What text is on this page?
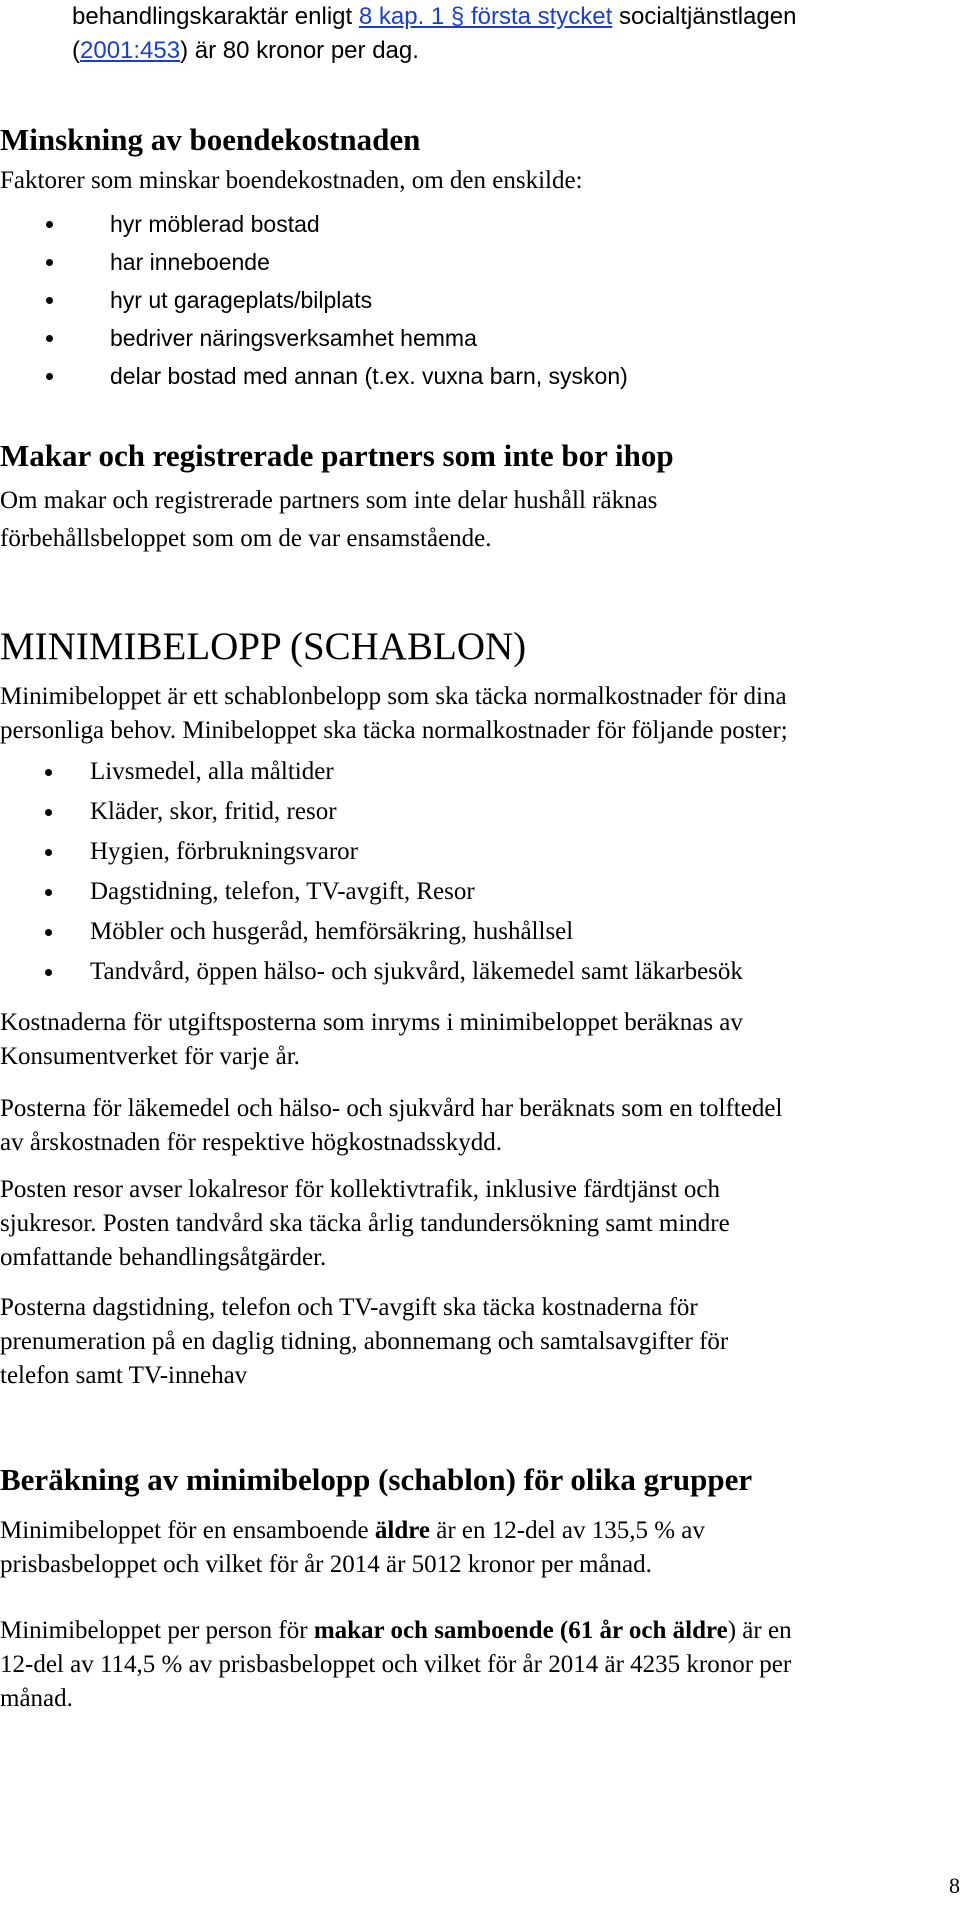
behandlingskaraktär enligt 8 kap. 1 § första stycket socialtjänstlagen

(2001:453) är 80 kronor per dag.

Minskning av boendekostnaden

Faktorer som minskar boendekostnaden, om den enskilde:

hyr möblerad bostad
har inneboende
hyr ut garageplats/bilplats
bedriver näringsverksamhet hemma
delar bostad med annan (t.ex. vuxna barn, syskon)
Makar och registrerade partners som inte bor ihop

Om makar och registrerade partners som inte delar hushåll räknas

förbehållsbeloppet som om de var ensamstående.

MINIMIBELOPP (SCHABLON)

Minimibeloppet är ett schablonbelopp som ska täcka normalkostnader för dina

personliga behov. Minibeloppet ska täcka normalkostnader för följande poster;

Livsmedel, alla måltider
Kläder, skor, fritid, resor
Hygien, förbrukningsvaror
Dagstidning, telefon, TV-avgift, Resor
Möbler och husgeråd, hemförsäkring, hushållsel
Tandvård, öppen hälso- och sjukvård, läkemedel samt läkarbesök

Kostnaderna för utgiftsposterna som inryms i minimibeloppet beräknas av

Konsumentverket för varje år.

Posterna för läkemedel och hälso- och sjukvård har beräknats som en tolftedel

av årskostnaden för respektive högkostnadsskydd.

Posten resor avser lokalresor för kollektivtrafik, inklusive färdtjänst och

sjukresor. Posten tandvård ska täcka årlig tandundersökning samt mindre

omfattande behandlingsåtgärder.

Posterna dagstidning, telefon och TV-avgift ska täcka kostnaderna för

prenumeration på en daglig tidning, abonnemang och samtalsavgifter för

telefon samt TV-innehav

Beräkning av minimibelopp (schablon) för olika grupper

Minimibeloppet för en ensamboende äldre är en 12-del av 135,5 % av

prisbasbeloppet och vilket för år 2014 är 5012 kronor per månad.

Minimibeloppet per person för makar och samboende (61 år och äldre) är en

12-del av 114,5 % av prisbasbeloppet och vilket för år 2014 är 4235 kronor per

månad.

8
